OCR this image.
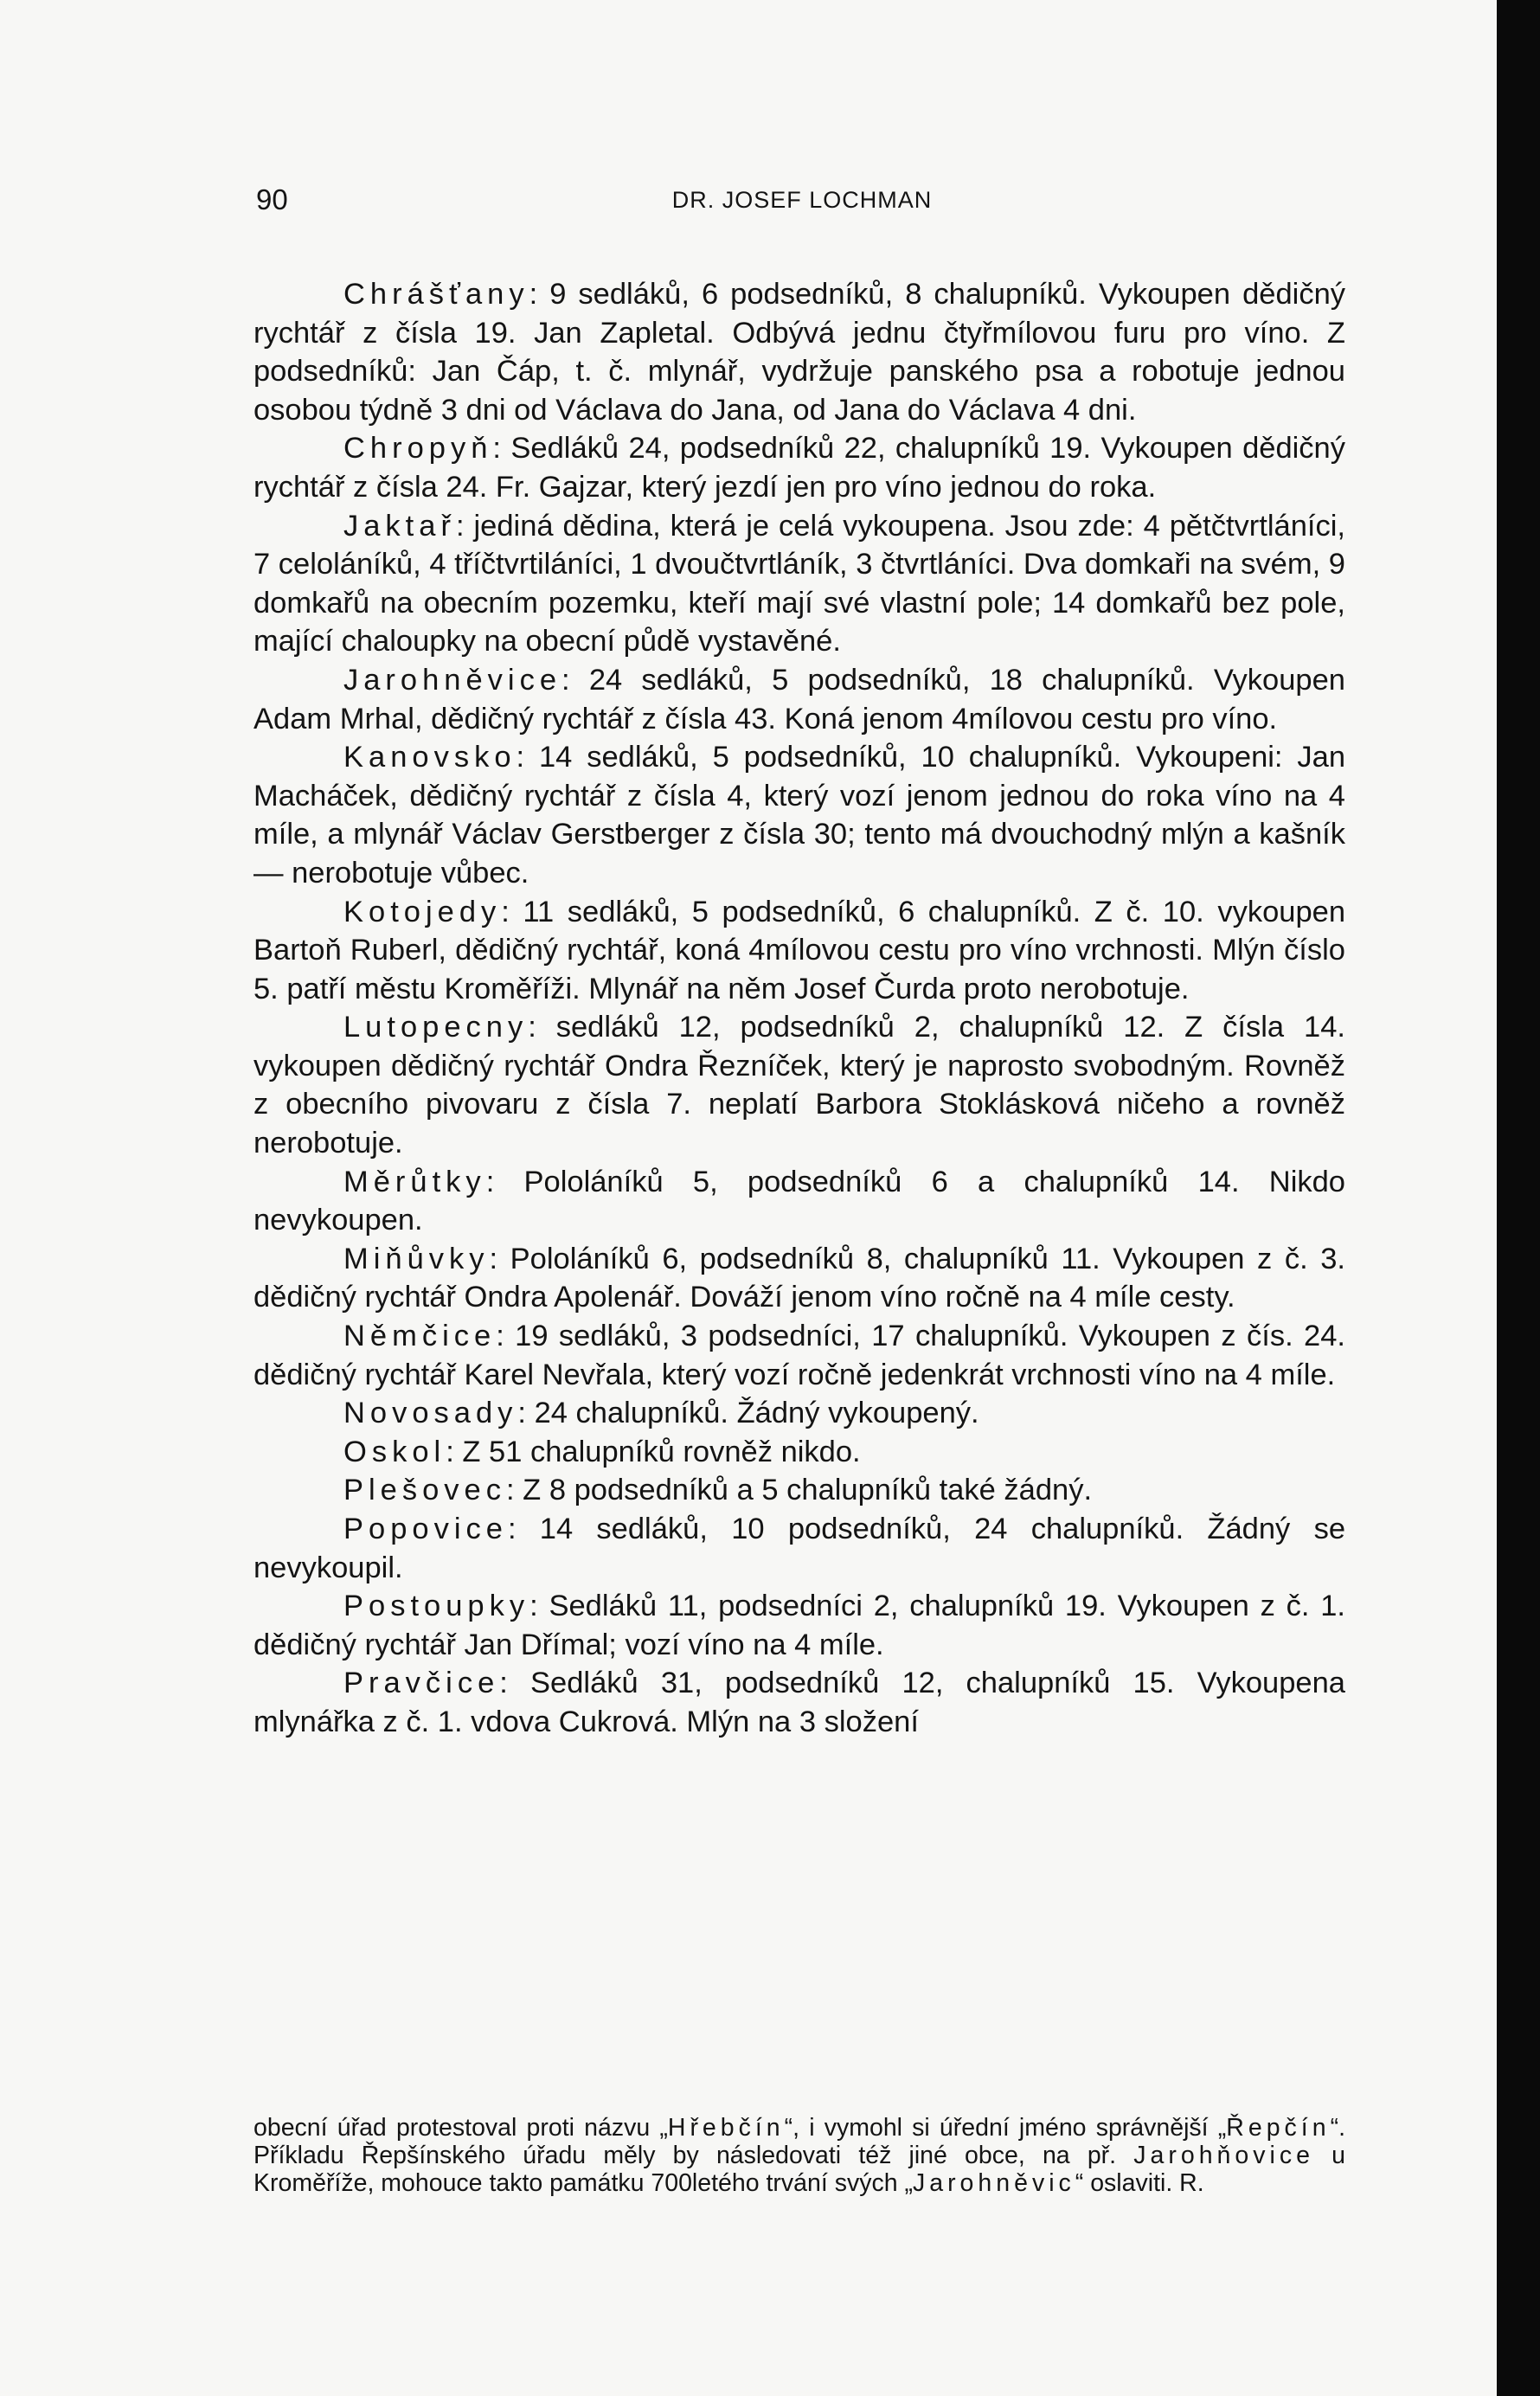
90	DR. JOSEF LOCHMAN

Chrášťany: 9 sedláků, 6 podsedníků, 8 chalupníků. Vykoupen dědičný rychtář z čísla 19. Jan Zapletal. Odbývá jednu čtyřmílovou furu pro víno. Z podsedníků: Jan Čáp, t. č. mlynář, vydržuje panského psa a robotuje jednou osobou týdně 3 dni od Václava do Jana, od Jana do Václava 4 dni.

Chropyň: Sedláků 24, podsedníků 22, chalupníků 19. Vykoupen dědičný rychtář z čísla 24. Fr. Gajzar, který jezdí jen pro víno jednou do roka.

Jaktař: jediná dědina, která je celá vykoupena. Jsou zde: 4 pětčtvrtláníci, 7 celoláníků, 4 tříčtvrtiláníci, 1 dvoučtvrtláník, 3 čtvrtláníci. Dva domkaři na svém, 9 domkařů na obecním pozemku, kteří mají své vlastní pole; 14 domkařů bez pole, mající chaloupky na obecní půdě vystavěné.

Jarohněvice: 24 sedláků, 5 podsedníků, 18 chalupníků. Vykoupen Adam Mrhal, dědičný rychtář z čísla 43. Koná jenom 4mílovou cestu pro víno.

Kanovsko: 14 sedláků, 5 podsedníků, 10 chalupníků. Vykoupeni: Jan Macháček, dědičný rychtář z čísla 4, který vozí jenom jednou do roka víno na 4 míle, a mlynář Václav Gerstberger z čísla 30; tento má dvouchodný mlýn a kašník — nerobotuje vůbec.

Kotojedy: 11 sedláků, 5 podsedníků, 6 chalupníků. Z č. 10. vykoupen Bartoň Ruberl, dědičný rychtář, koná 4mílovou cestu pro víno vrchnosti. Mlýn číslo 5. patří městu Kroměříži. Mlynář na něm Josef Čurda proto nerobotuje.

Lutopecny: sedláků 12, podsedníků 2, chalupníků 12. Z čísla 14. vykoupen dědičný rychtář Ondra Řezníček, který je naprosto svobodným. Rovněž z obecního pivovaru z čísla 7. neplatí Barbora Stoklásková ničeho a rovněž nerobotuje.

Měrůtky: Pololáníků 5, podsedníků 6 a chalupníků 14. Nikdo nevykoupen.

Miňůvky: Pololáníků 6, podsedníků 8, chalupníků 11. Vykoupen z č. 3. dědičný rychtář Ondra Apolenář. Dováží jenom víno ročně na 4 míle cesty.

Němčice: 19 sedláků, 3 podsedníci, 17 chalupníků. Vykoupen z čís. 24. dědičný rychtář Karel Nevřala, který vozí ročně jedenkrát vrchnosti víno na 4 míle.

Novosady: 24 chalupníků. Žádný vykoupený.

Oskol: Z 51 chalupníků rovněž nikdo.

Plešovec: Z 8 podsedníků a 5 chalupníků také žádný.

Popovice: 14 sedláků, 10 podsedníků, 24 chalupníků. Žádný se nevykoupil.

Postoupky: Sedláků 11, podsedníci 2, chalupníků 19. Vykoupen z č. 1. dědičný rychtář Jan Dřímal; vozí víno na 4 míle.

Pravčice: Sedláků 31, podsedníků 12, chalupníků 15. Vykoupena mlynářka z č. 1. vdova Cukrová. Mlýn na 3 složení

obecní úřad protestoval proti názvu „Hřebčín“, i vymohl si úřední jméno správnější „Řepčín“. Příkladu Řepšínského úřadu měly by následovati též jiné obce, na př. Jarohňovice u Kroměříže, mohouce takto památku 700letého trvání svých „Jarohněvic“ oslaviti. R.
